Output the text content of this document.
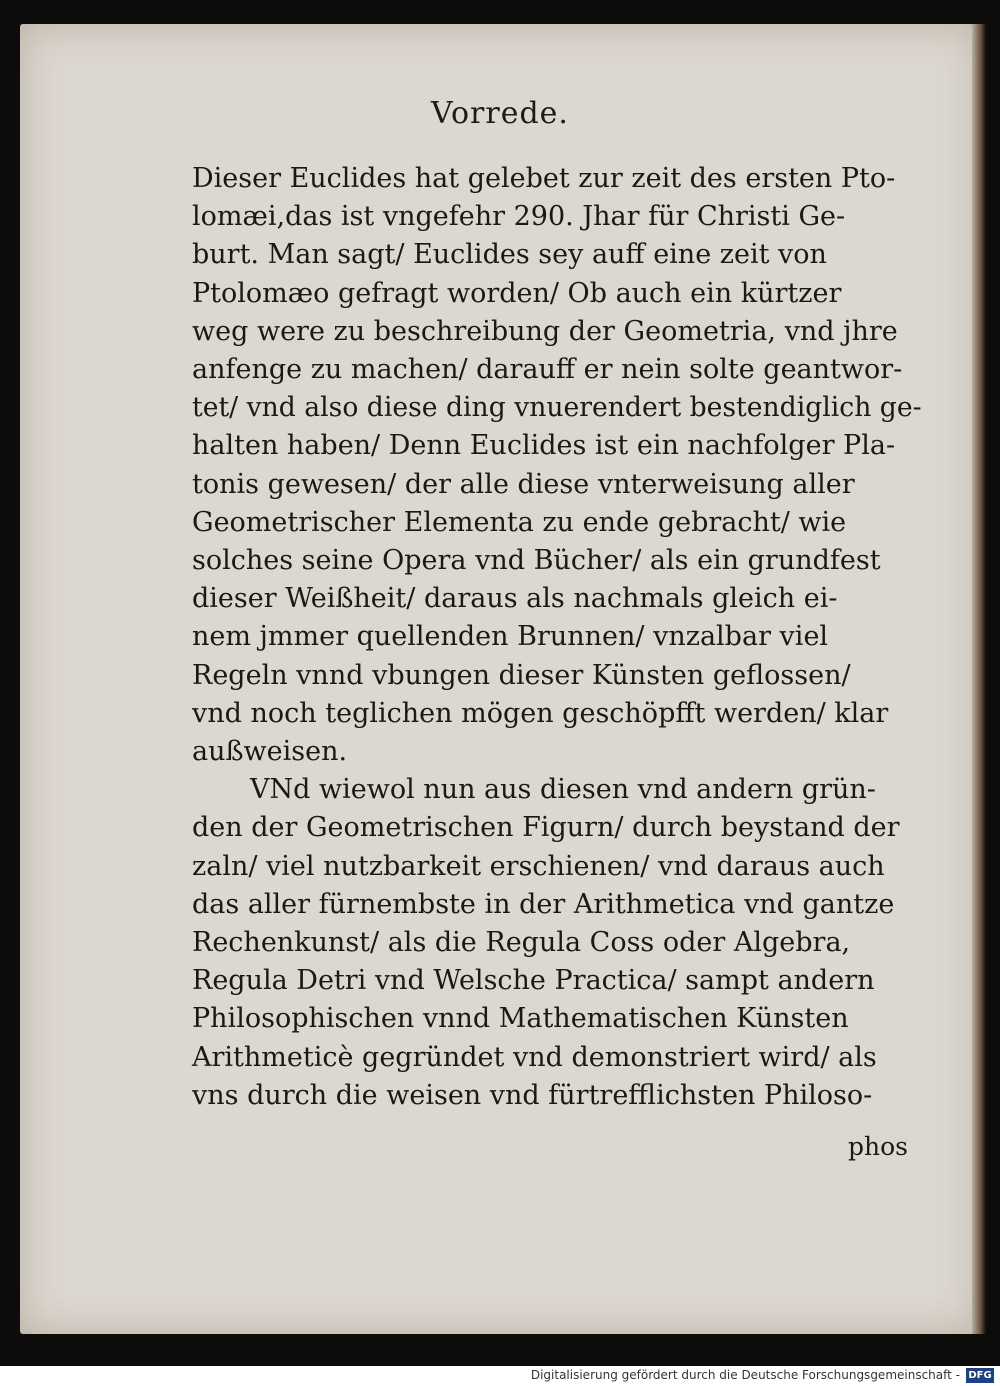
Vorrede.
Dieser Euclides hat gelebet zur zeit des ersten Pto-
lomæi,das ist vngefehr 290. Jhar für Christi Ge-
burt. Man sagt/ Euclides sey auff eine zeit von
Ptolomæo gefragt worden/ Ob auch ein kürtzer
weg were zu beschreibung der Geometria, vnd jhre
anfenge zu machen/ darauff er nein solte geantwor-
tet/ vnd also diese ding vnuerendert bestendiglich ge-
halten haben/ Denn Euclides ist ein nachfolger Pla-
tonis gewesen/ der alle diese vnterweisung aller
Geometrischer Elementa zu ende gebracht/ wie
solches seine Opera vnd Bücher/ als ein grundfest
dieser Weißheit/ daraus als nachmals gleich ei-
nem jmmer quellenden Brunnen/ vnzalbar viel
Regeln vnnd vbungen dieser Künsten geflossen/
vnd noch teglichen mögen geschöpfft werden/ klar
außweisen.
VNd wiewol nun aus diesen vnd andern grün-
den der Geometrischen Figurn/ durch beystand der
zaln/ viel nutzbarkeit erschienen/ vnd daraus auch
das aller fürnembste in der Arithmetica vnd gantze
Rechenkunst/ als die Regula Coss oder Algebra,
Regula Detri vnd Welsche Practica/ sampt andern
Philosophischen vnnd Mathematischen Künsten
Arithmeticè gegründet vnd demonstriert wird/ als
vns durch die weisen vnd fürtrefflichsten Philoso-
phos
Digitalisierung gefördert durch die Deutsche Forschungsgemeinschaft - DFG
